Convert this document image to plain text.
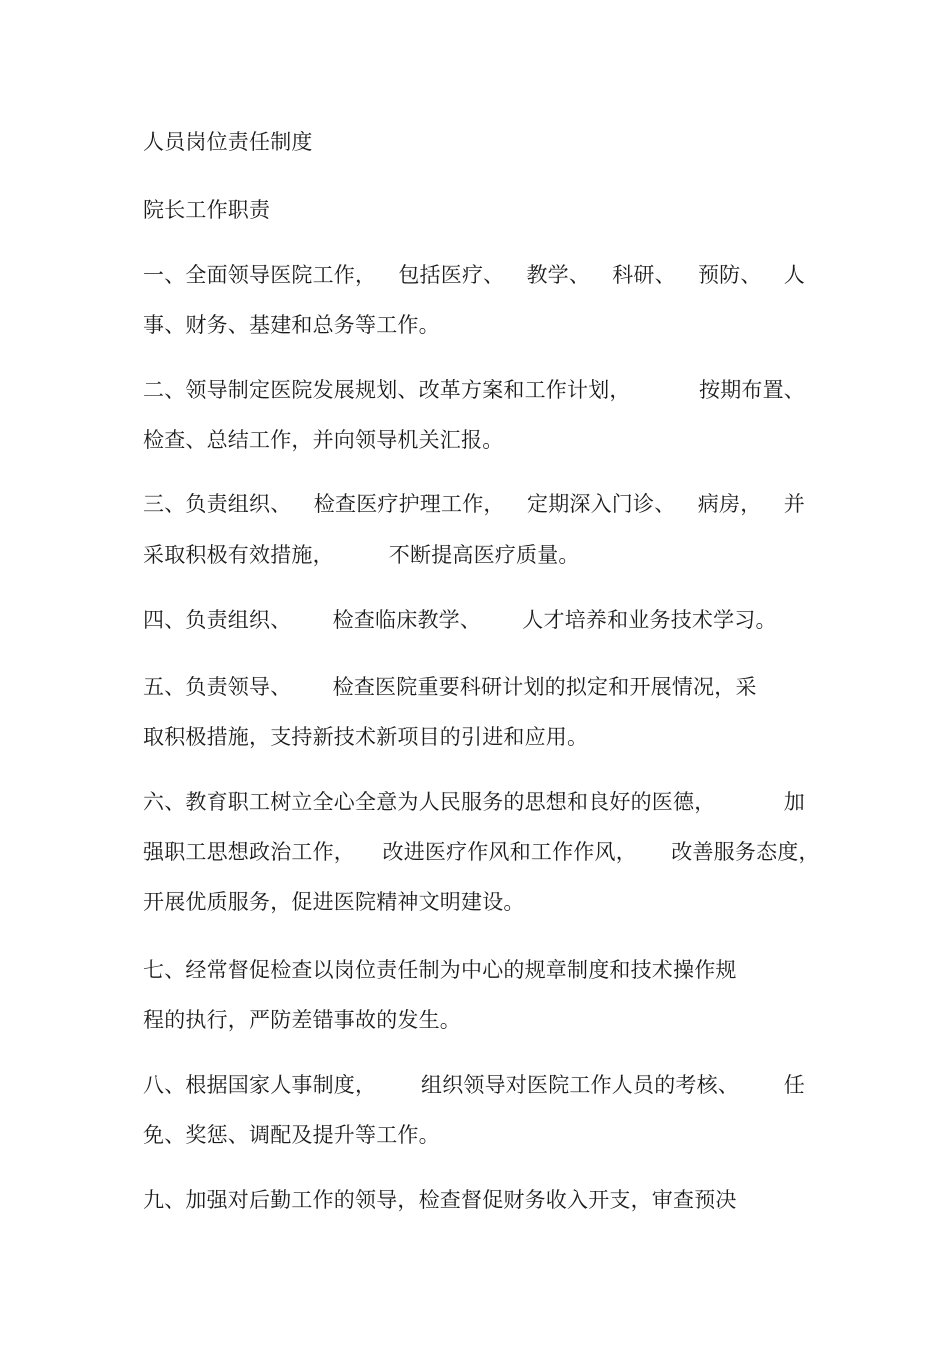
人员岗位责任制度
院长工作职责
一、全面领导医院工作， 包括医疗、 教学、 科研、 预防、 人
事、财务、基建和总务等工作。
二、领导制定医院发展规划、改革方案和工作计划，	按期布置、
检查、总结工作，并向领导机关汇报。
三、负责组织、 检查医疗护理工作， 定期深入门诊、 病房， 并
采取积极有效措施，        不断提高医疗质量。
四、负责组织、      检查临床教学、      人才培养和业务技术学习。
五、负责领导、      检查医院重要科研计划的拟定和开展情况，采
取积极措施，支持新技术新项目的引进和应用。
六、教育职工树立全心全意为人民服务的思想和良好的医德，	加
强职工思想政治工作，    改进医疗作风和工作作风，     改善服务态度，
开展优质服务，促进医院精神文明建设。
七、经常督促检查以岗位责任制为中心的规章制度和技术操作规
程的执行，严防差错事故的发生。
八、根据国家人事制度， 组织领导对医院工作人员的考核、 任
免、奖惩、调配及提升等工作。
九、加强对后勤工作的领导，检查督促财务收入开支，审查预决
